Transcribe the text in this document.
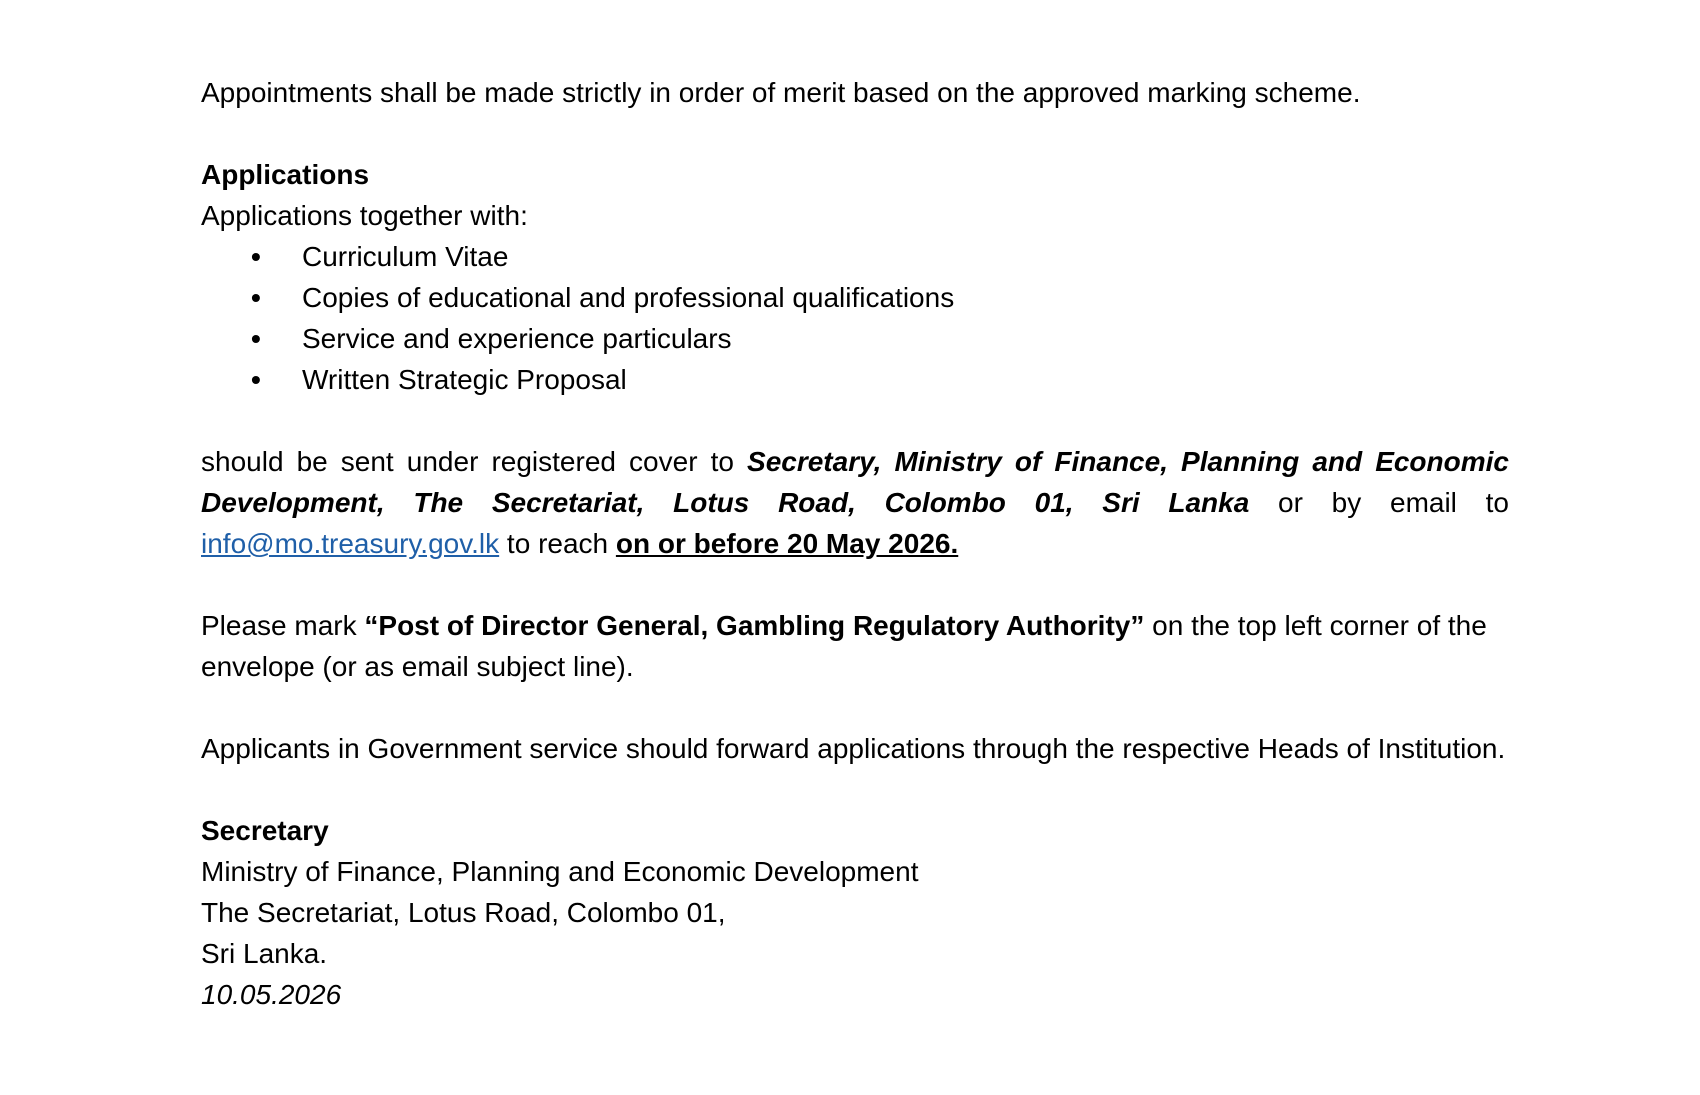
Appointments shall be made strictly in order of merit based on the approved marking scheme.

Applications

Applications together with:

• Curriculum Vitae
• Copies of educational and professional qualifications
• Service and experience particulars
• Written Strategic Proposal

should be sent under registered cover to Secretary, Ministry of Finance, Planning and Economic Development, The Secretariat, Lotus Road, Colombo 01, Sri Lanka or by email to info@mo.treasury.gov.lk to reach on or before 20 May 2026.

Please mark “Post of Director General, Gambling Regulatory Authority” on the top left corner of the envelope (or as email subject line).

Applicants in Government service should forward applications through the respective Heads of Institution.

Secretary

Ministry of Finance, Planning and Economic Development

The Secretariat, Lotus Road, Colombo 01,

Sri Lanka.

10.05.2026
